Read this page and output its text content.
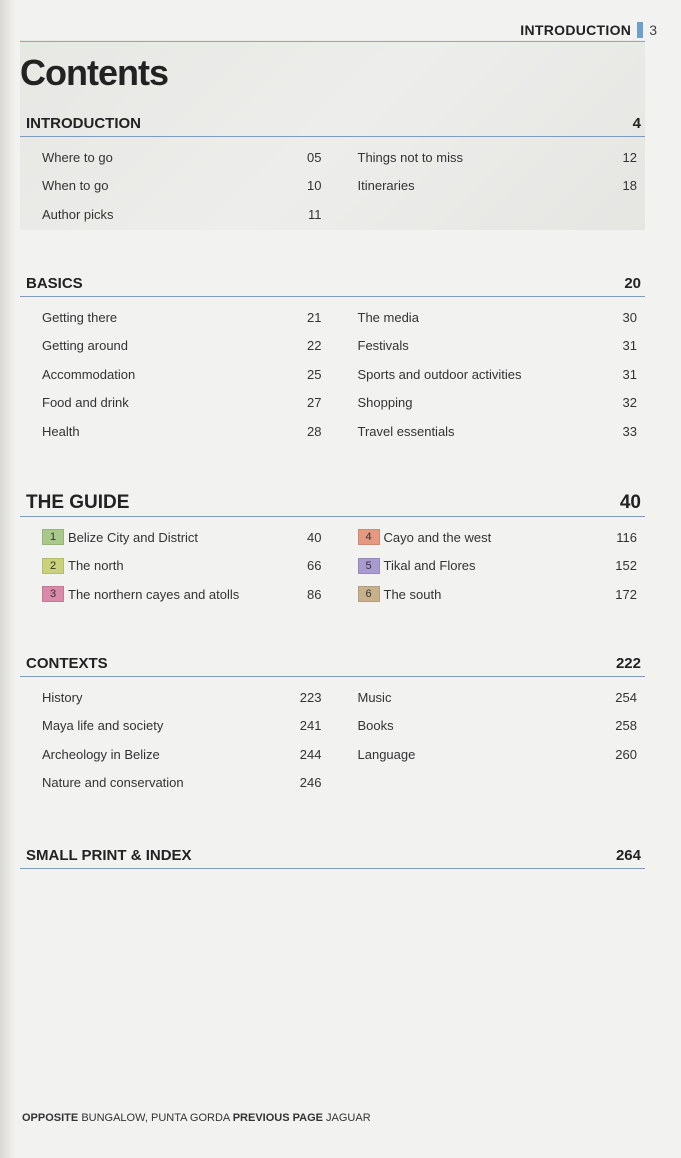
INTRODUCTION 3
Contents
INTRODUCTION	4
Where to go	05	Things not to miss	12
When to go	10	Itineraries	18
Author picks	11
BASICS	20
Getting there	21	The media	30
Getting around	22	Festivals	31
Accommodation	25	Sports and outdoor activities	31
Food and drink	27	Shopping	32
Health	28	Travel essentials	33
THE GUIDE	40
1 Belize City and District	40	4 Cayo and the west	116
2 The north	66	5 Tikal and Flores	152
3 The northern cayes and atolls	86	6 The south	172
CONTEXTS	222
History	223	Music	254
Maya life and society	241	Books	258
Archeology in Belize	244	Language	260
Nature and conservation	246
SMALL PRINT & INDEX	264
OPPOSITE BUNGALOW, PUNTA GORDA PREVIOUS PAGE JAGUAR
